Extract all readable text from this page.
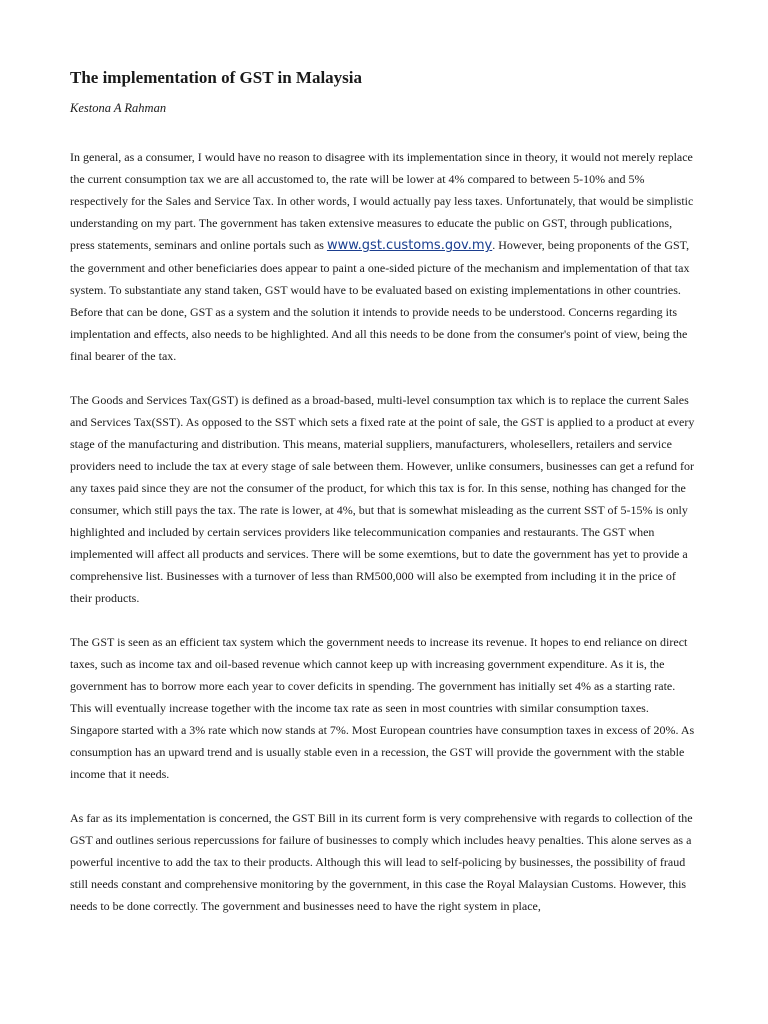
The implementation of GST in Malaysia
Kestona A Rahman

In general, as a consumer, I would have no reason to disagree with its implementation since in theory, it would not merely replace the current consumption tax we are all accustomed to, the rate will be lower at 4% compared to between 5-10% and 5% respectively for the Sales and Service Tax. In other words, I would actually pay less taxes. Unfortunately, that would be simplistic understanding on my part. The government has taken extensive measures to educate the public on GST, through publications, press statements, seminars and online portals such as www.gst.customs.gov.my. However, being proponents of the GST, the government and other beneficiaries does appear to paint a one-sided picture of the mechanism and implementation of that tax system. To substantiate any stand taken, GST would have to be evaluated based on existing implementations in other countries. Before that can be done, GST as a system and the solution it intends to provide needs to be understood. Concerns regarding its implentation and effects, also needs to be highlighted. And all this needs to be done from the consumer's point of view, being the final bearer of the tax.

The Goods and Services Tax(GST) is defined as a broad-based, multi-level consumption tax which is to replace the current Sales and Services Tax(SST). As opposed to the SST which sets a fixed rate at the point of sale, the GST is applied to a product at every stage of the manufacturing and distribution. This means, material suppliers, manufacturers, wholesellers, retailers and service providers need to include the tax at every stage of sale between them. However, unlike consumers, businesses can get a refund for any taxes paid since they are not the consumer of the product, for which this tax is for. In this sense, nothing has changed for the consumer, which still pays the tax. The rate is lower, at 4%, but that is somewhat misleading as the current SST of 5-15% is only highlighted and included by certain services providers like telecommunication companies and restaurants. The GST when implemented will affect all products and services. There will be some exemtions, but to date the government has yet to provide a comprehensive list. Businesses with a turnover of less than RM500,000 will also be exempted from including it in the price of their products.

The GST is seen as an efficient tax system which the government needs to increase its revenue. It hopes to end reliance on direct taxes, such as income tax and oil-based revenue which cannot keep up with increasing government expenditure. As it is, the government has to borrow more each year to cover deficits in spending. The government has initially set 4% as a starting rate. This will eventually increase together with the income tax rate as seen in most countries with similar consumption taxes. Singapore started with a 3% rate which now stands at 7%. Most European countries have consumption taxes in excess of 20%. As consumption has an upward trend and is usually stable even in a recession, the GST will provide the government with the stable income that it needs.

As far as its implementation is concerned, the GST Bill in its current form is very comprehensive with regards to collection of the GST and outlines serious repercussions for failure of businesses to comply which includes heavy penalties. This alone serves as a powerful incentive to add the tax to their products. Although this will lead to self-policing by businesses, the possibility of fraud still needs constant and comprehensive monitoring by the government, in this case the Royal Malaysian Customs. However, this needs to be done correctly. The government and businesses need to have the right system in place,
